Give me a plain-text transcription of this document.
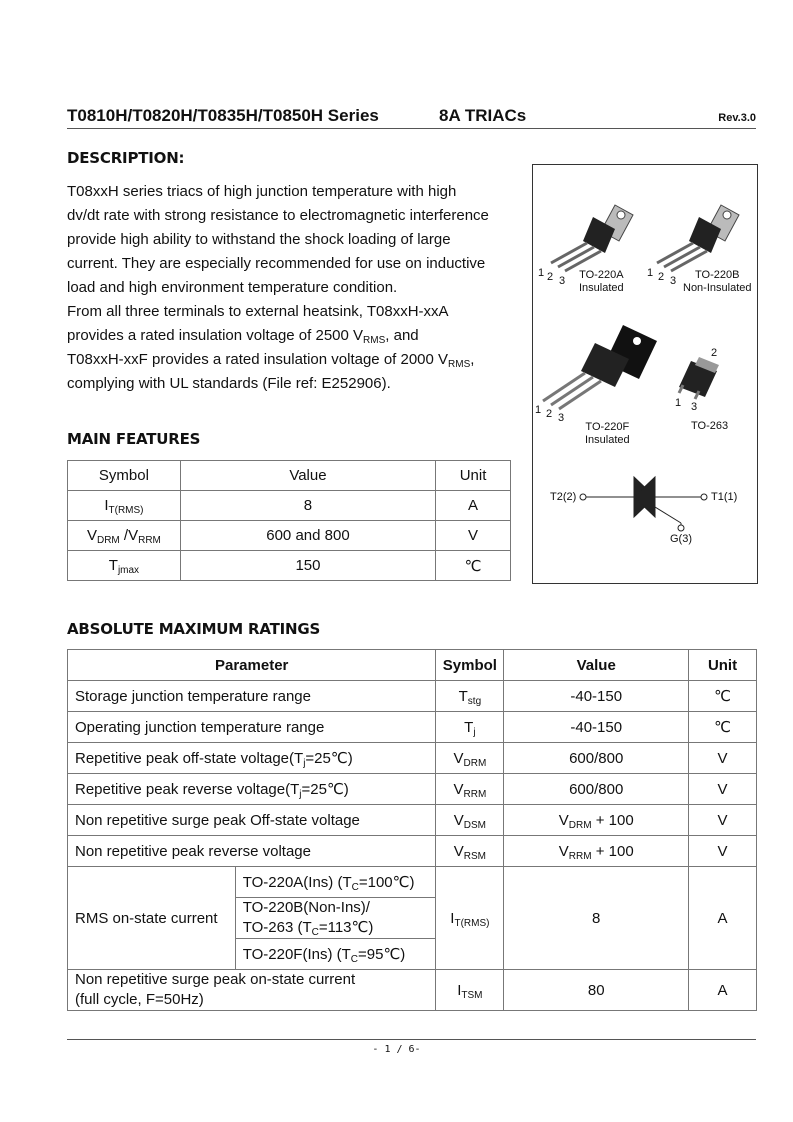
T0810H/T0820H/T0835H/T0850H Series	8A TRIACs	Rev.3.0
DESCRIPTION:

T08xxH series triacs of high junction temperature with high

dv/dt rate with strong resistance to electromagnetic interference

provide high ability to withstand the shock loading of large

current. They are especially recommended for use on inductive

load and high environment temperature condition.

From all three terminals to external heatsink, T08xxH-xxA

provides a rated insulation voltage of 2500 $V_{RMS}$, and

T08xxH-xxF provides a rated insulation voltage of 2000 $V_{RMS}$,

complying with UL standards (File ref: E252906).

MAIN FEATURES
Symbol	Value	Unit
$I_{T(RMS)}$	8	A
$V_{DRM}$ $/V_{RRM}$	600 and 800	V
$T_{jmax}$	150	℃
1 2 3 TO-220A
Insulated
1 2 3	TO-220B
Non-Insulated
1 2 3
TO-220F
Insulated
2
1 3
TO-263
T2(2)	T1(1)
G(3)
ABSOLUTE MAXIMUM RATINGS
Parameter		Symbol	Value	Unit
Storage junction temperature range		$T_{stg}$	-40-150	℃
Operating junction temperature range		$T_j$	-40-150	℃
Repetitive peak off-state $voltage(T_j=25℃)$		$V_{DRM}$	600/800	V
Repetitive peak reverse $voltage(T_j=25℃)$		$V_{RRM}$	600/800	V
Non repetitive surge peak Off-state voltage		$V_{DSM}$	$V_{DRM} + 100$	V
Non repetitive peak reverse voltage		$V_{RSM}$	$V_{RRM} + 100$	V
RMS on-state current	TO-220A(Ins) $(T_C=100℃)$	$I_{T(RMS)}$	8	A
	TO-220B(Non-Ins)/
TO-263 $(T_C=113℃)$			
	TO-220F(Ins) $(T_C=95℃)$			
Non repetitive surge peak on-state current
(full cycle, F=50Hz)		$I_{TSM}$	80	A
- 1 / 6-
